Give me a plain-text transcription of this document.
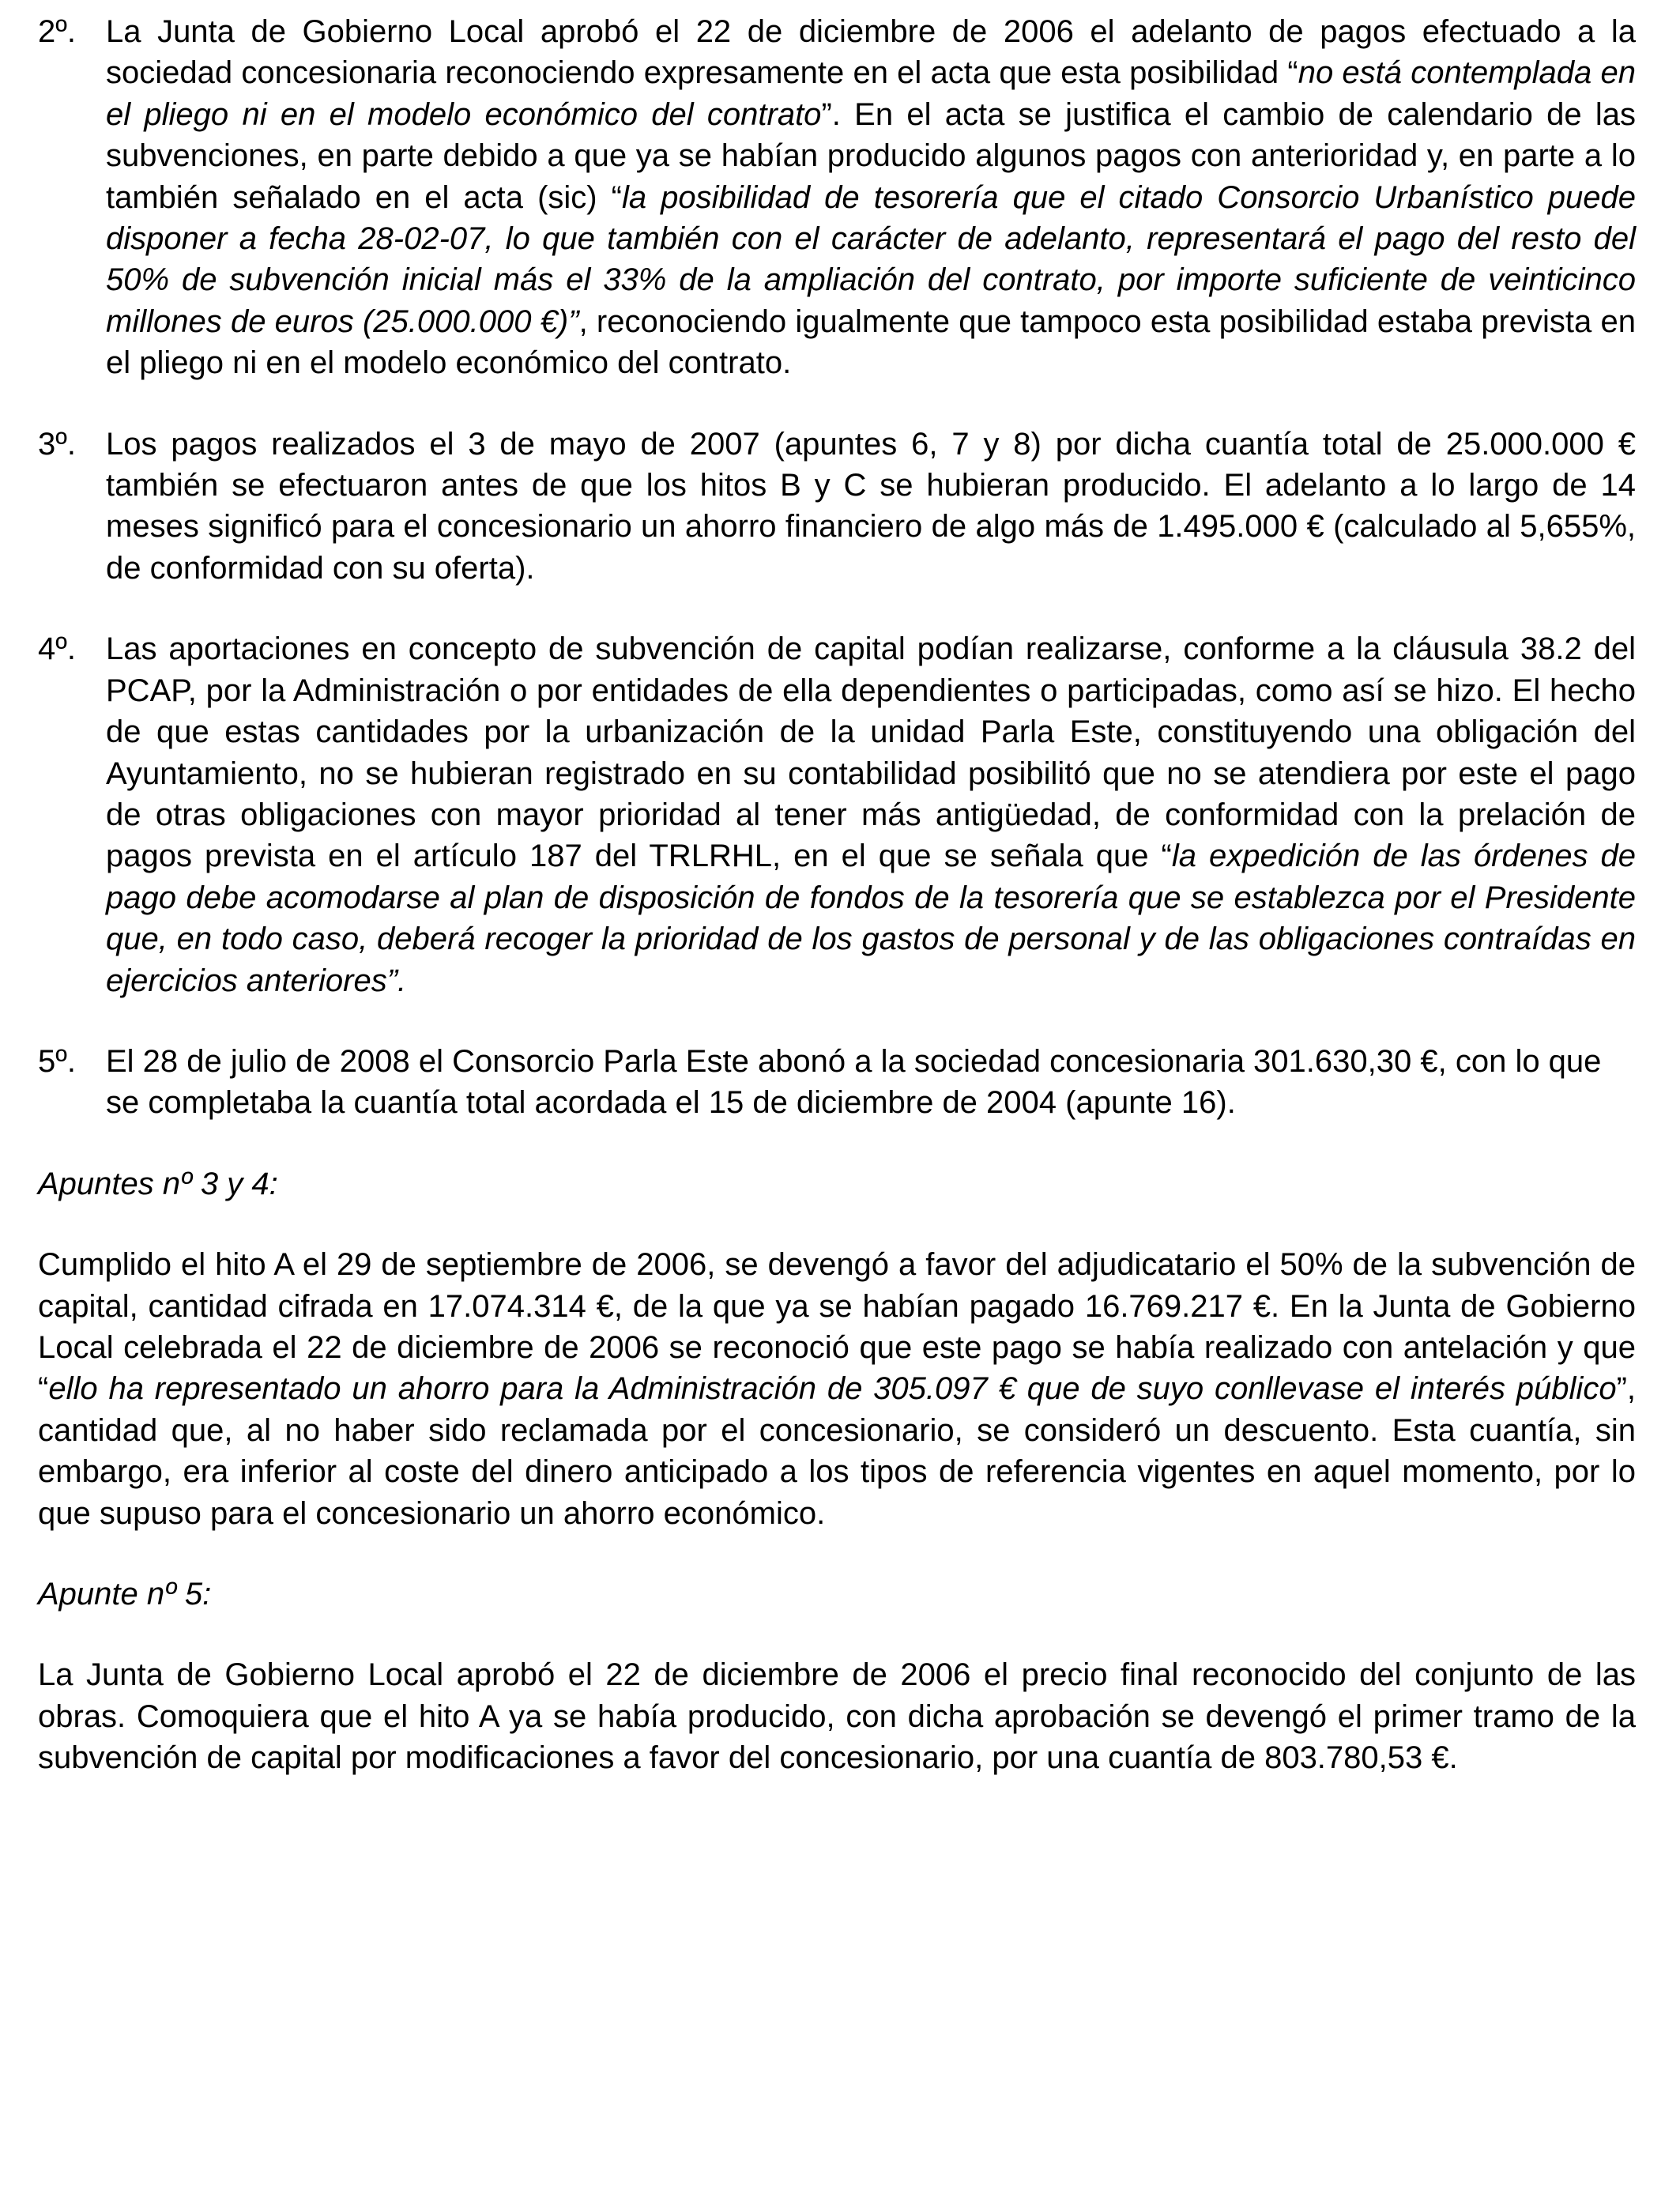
2º. La Junta de Gobierno Local aprobó el 22 de diciembre de 2006 el adelanto de pagos efectuado a la sociedad concesionaria reconociendo expresamente en el acta que esta posibilidad “no está contemplada en el pliego ni en el modelo económico del contrato”. En el acta se justifica el cambio de calendario de las subvenciones, en parte debido a que ya se habían producido algunos pagos con anterioridad y, en parte a lo también señalado en el acta (sic) “la posibilidad de tesorería que el citado Consorcio Urbanístico puede disponer a fecha 28-02-07, lo que también con el carácter de adelanto, representará el pago del resto del 50% de subvención inicial más el 33% de la ampliación del contrato, por importe suficiente de veinticinco millones de euros (25.000.000 €)”, reconociendo igualmente que tampoco esta posibilidad estaba prevista en el pliego ni en el modelo económico del contrato.
3º. Los pagos realizados el 3 de mayo de 2007 (apuntes 6, 7 y 8) por dicha cuantía total de 25.000.000 € también se efectuaron antes de que los hitos B y C se hubieran producido. El adelanto a lo largo de 14 meses significó para el concesionario un ahorro financiero de algo más de 1.495.000 € (calculado al 5,655%, de conformidad con su oferta).
4º. Las aportaciones en concepto de subvención de capital podían realizarse, conforme a la cláusula 38.2 del PCAP, por la Administración o por entidades de ella dependientes o participadas, como así se hizo. El hecho de que estas cantidades por la urbanización de la unidad Parla Este, constituyendo una obligación del Ayuntamiento, no se hubieran registrado en su contabilidad posibilitó que no se atendiera por este el pago de otras obligaciones con mayor prioridad al tener más antigüedad, de conformidad con la prelación de pagos prevista en el artículo 187 del TRLRHL, en el que se señala que “la expedición de las órdenes de pago debe acomodarse al plan de disposición de fondos de la tesorería que se establezca por el Presidente que, en todo caso, deberá recoger la prioridad de los gastos de personal y de las obligaciones contraídas en ejercicios anteriores”.
5º. El 28 de julio de 2008 el Consorcio Parla Este abonó a la sociedad concesionaria 301.630,30 €, con lo que se completaba la cuantía total acordada el 15 de diciembre de 2004 (apunte 16).
Apuntes nº 3 y 4:
Cumplido el hito A el 29 de septiembre de 2006, se devengó a favor del adjudicatario el 50% de la subvención de capital, cantidad cifrada en 17.074.314 €, de la que ya se habían pagado 16.769.217 €. En la Junta de Gobierno Local celebrada el 22 de diciembre de 2006 se reconoció que este pago se había realizado con antelación y que “ello ha representado un ahorro para la Administración de 305.097 € que de suyo conllevase el interés público”, cantidad que, al no haber sido reclamada por el concesionario, se consideró un descuento. Esta cuantía, sin embargo, era inferior al coste del dinero anticipado a los tipos de referencia vigentes en aquel momento, por lo que supuso para el concesionario un ahorro económico.
Apunte nº 5:
La Junta de Gobierno Local aprobó el 22 de diciembre de 2006 el precio final reconocido del conjunto de las obras. Comoquiera que el hito A ya se había producido, con dicha aprobación se devengó el primer tramo de la subvención de capital por modificaciones a favor del concesionario, por una cuantía de 803.780,53 €.
